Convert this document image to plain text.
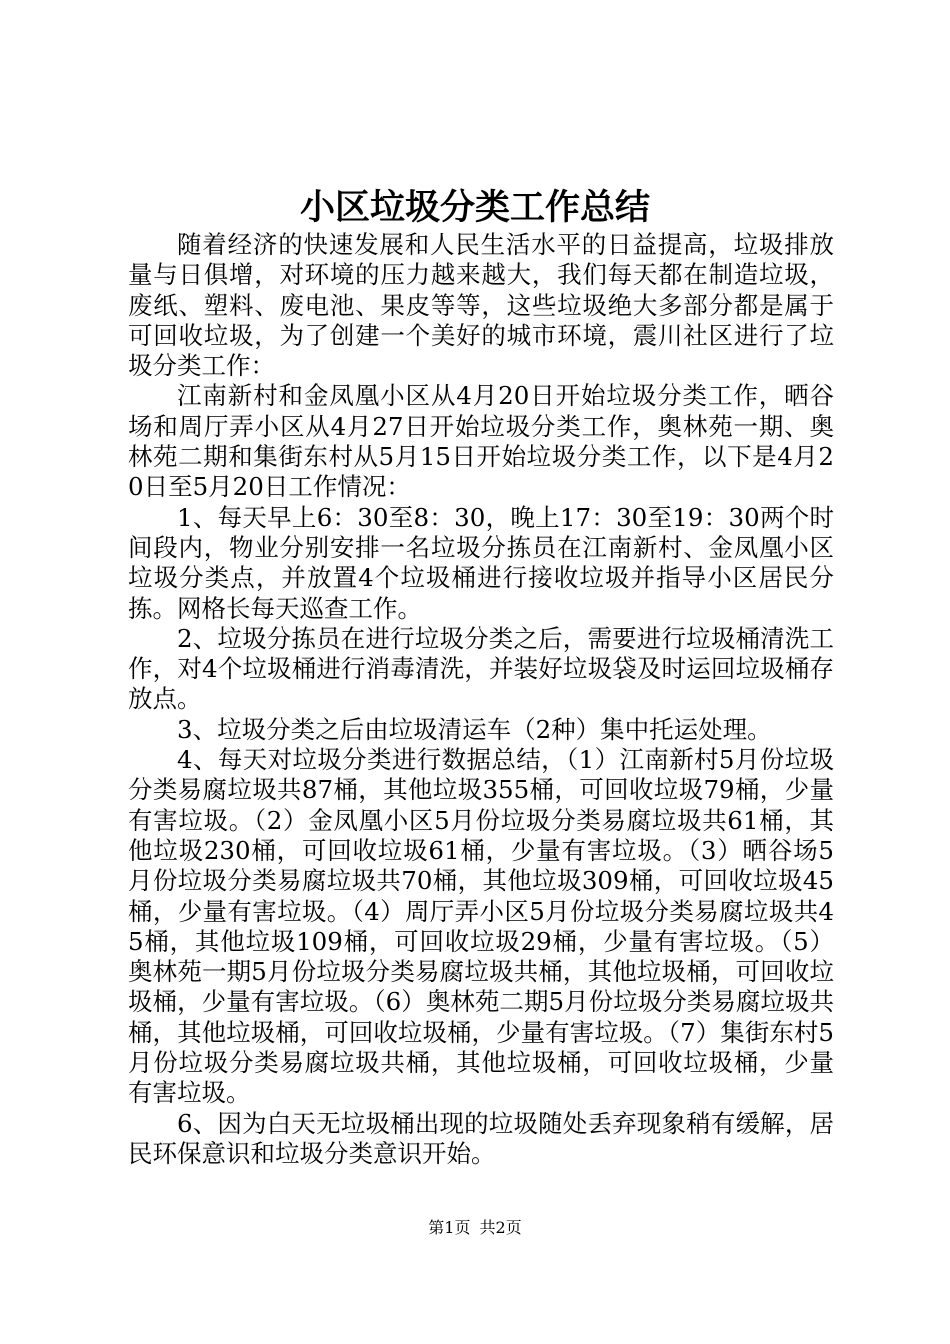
小区垃圾分类工作总结

随着经济的快速发展和人民生活水平的日益提高，垃圾排放量与日俱增，对环境的压力越来越大，我们每天都在制造垃圾，废纸、塑料、废电池、果皮等等，这些垃圾绝大多部分都是属于可回收垃圾，为了创建一个美好的城市环境，震川社区进行了垃圾分类工作：

江南新村和金凤凰小区从4月20日开始垃圾分类工作，晒谷场和周厅弄小区从4月27日开始垃圾分类工作，奥林苑一期、奥林苑二期和集街东村从5月15日开始垃圾分类工作，以下是4月20日至5月20日工作情况：

1、每天早上6：30至8：30，晚上17：30至19：30两个时间段内，物业分别安排一名垃圾分拣员在江南新村、金凤凰小区垃圾分类点，并放置4个垃圾桶进行接收垃圾并指导小区居民分拣。网格长每天巡查工作。

2、垃圾分拣员在进行垃圾分类之后，需要进行垃圾桶清洗工作，对4个垃圾桶进行消毒清洗，并装好垃圾袋及时运回垃圾桶存放点。

3、垃圾分类之后由垃圾清运车（2种）集中托运处理。

4、每天对垃圾分类进行数据总结，（1）江南新村5月份垃圾分类易腐垃圾共87桶，其他垃圾355桶，可回收垃圾79桶，少量有害垃圾。（2）金凤凰小区5月份垃圾分类易腐垃圾共61桶，其他垃圾230桶，可回收垃圾61桶，少量有害垃圾。（3）晒谷场5月份垃圾分类易腐垃圾共70桶，其他垃圾309桶，可回收垃圾45桶，少量有害垃圾。（4）周厅弄小区5月份垃圾分类易腐垃圾共45桶，其他垃圾109桶，可回收垃圾29桶，少量有害垃圾。（5）奥林苑一期5月份垃圾分类易腐垃圾共桶，其他垃圾桶，可回收垃圾桶，少量有害垃圾。（6）奥林苑二期5月份垃圾分类易腐垃圾共桶，其他垃圾桶，可回收垃圾桶，少量有害垃圾。（7）集街东村5月份垃圾分类易腐垃圾共桶，其他垃圾桶，可回收垃圾桶，少量有害垃圾。

6、因为白天无垃圾桶出现的垃圾随处丢弃现象稍有缓解，居民环保意识和垃圾分类意识开始。

第1页 共2页
